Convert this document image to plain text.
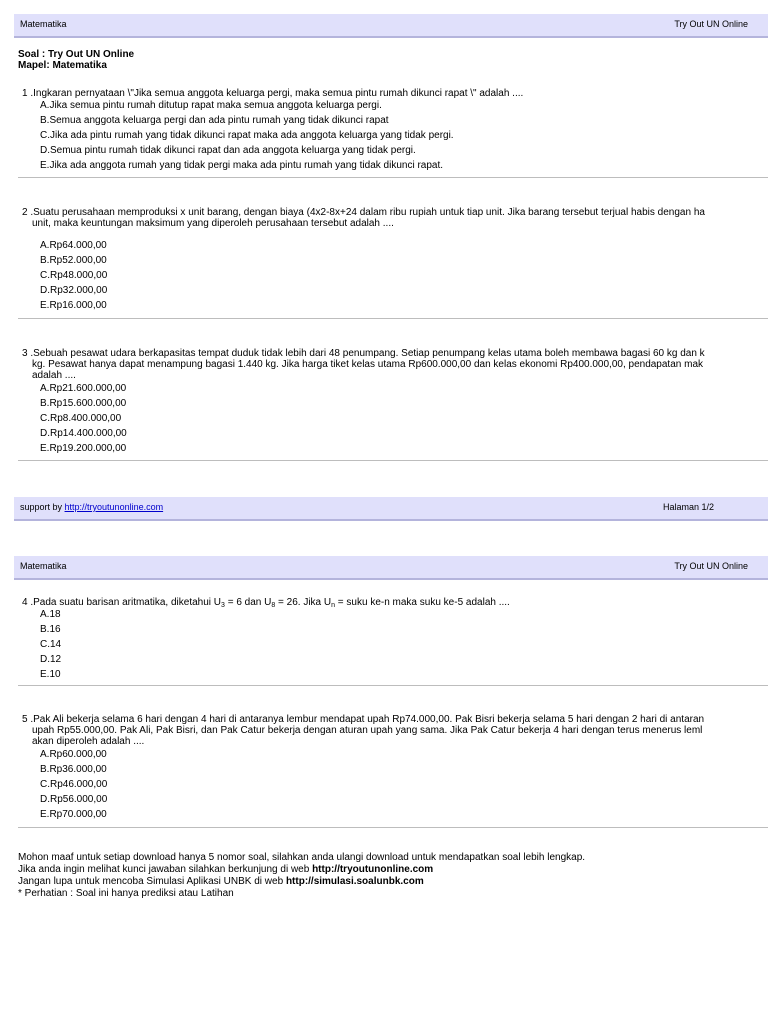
Matematika	Try Out UN Online
Soal : Try Out UN Online
Mapel: Matematika
1 .Ingkaran pernyataan \"Jika semua anggota keluarga pergi, maka semua pintu rumah dikunci rapat \" adalah ....
A.Jika semua pintu rumah ditutup rapat maka semua anggota keluarga pergi.
B.Semua anggota keluarga pergi dan ada pintu rumah yang tidak dikunci rapat
C.Jika ada pintu rumah yang tidak dikunci rapat maka ada anggota keluarga yang tidak pergi.
D.Semua pintu rumah tidak dikunci rapat dan ada anggota keluarga yang tidak pergi.
E.Jika ada anggota rumah yang tidak pergi maka ada pintu rumah yang tidak dikunci rapat.
2 .Suatu perusahaan memproduksi x unit barang, dengan biaya (4x2-8x+24 dalam ribu rupiah untuk tiap unit. Jika barang tersebut terjual habis dengan ha
unit, maka keuntungan maksimum yang diperoleh perusahaan tersebut adalah ....
A.Rp64.000,00
B.Rp52.000,00
C.Rp48.000,00
D.Rp32.000,00
E.Rp16.000,00
3 .Sebuah pesawat udara berkapasitas tempat duduk tidak lebih dari 48 penumpang. Setiap penumpang kelas utama boleh membawa bagasi 60 kg dan k
kg. Pesawat hanya dapat menampung bagasi 1.440 kg. Jika harga tiket kelas utama Rp600.000,00 dan kelas ekonomi Rp400.000,00, pendapatan mak
adalah ....
A.Rp21.600.000,00
B.Rp15.600.000,00
C.Rp8.400.000,00
D.Rp14.400.000,00
E.Rp19.200.000,00
support by http://tryoutunonline.com	Halaman 1/2
Matematika	Try Out UN Online
4 .Pada suatu barisan aritmatika, diketahui $U_3 = 6$ dan $U_8 = 26$. Jika $U_n$ = suku ke-n maka suku ke-5 adalah ....
A.18
B.16
C.14
D.12
E.10
5 .Pak Ali bekerja selama 6 hari dengan 4 hari di antaranya lembur mendapat upah Rp74.000,00. Pak Bisri bekerja selama 5 hari dengan 2 hari di antaran
upah Rp55.000,00. Pak Ali, Pak Bisri, dan Pak Catur bekerja dengan aturan upah yang sama. Jika Pak Catur bekerja 4 hari dengan terus menerus leml
akan diperoleh adalah ....
A.Rp60.000,00
B.Rp36.000,00
C.Rp46.000,00
D.Rp56.000,00
E.Rp70.000,00
Mohon maaf untuk setiap download hanya 5 nomor soal, silahkan anda ulangi download untuk mendapatkan soal lebih lengkap.
Jika anda ingin melihat kunci jawaban silahkan berkunjung di web http://tryoutunonline.com
Jangan lupa untuk mencoba Simulasi Aplikasi UNBK di web http://simulasi.soalunbk.com
* Perhatian : Soal ini hanya prediksi atau Latihan
